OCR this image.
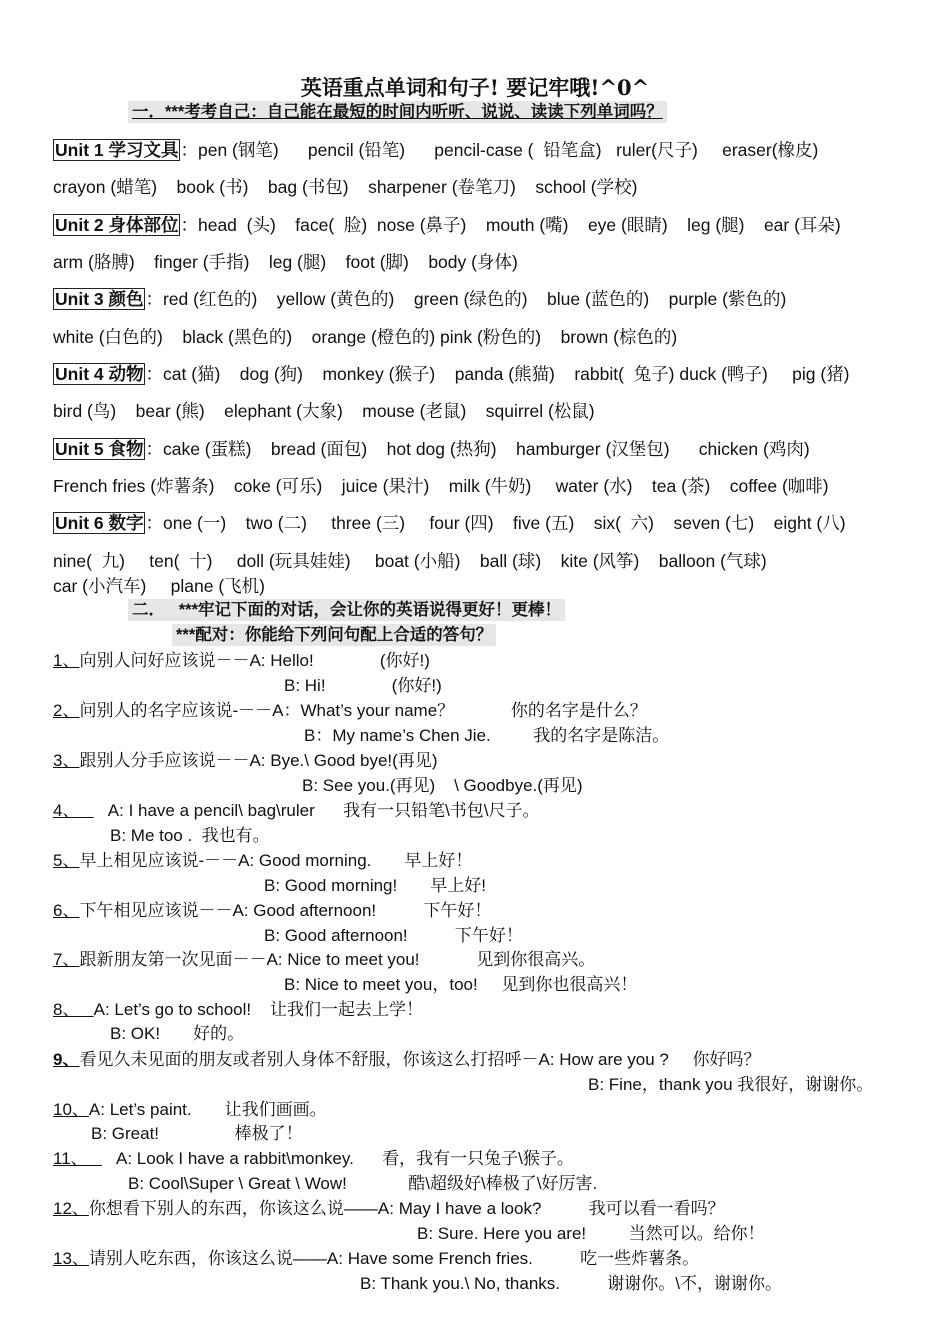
英语重点单词和句子! 要记牢哦!^0^
一．***考考自己：自己能在最短的时间内听听、说说、读读下列单词吗？
Unit 1 学习文具 ：pen (钢笔)      pencil (铅笔)      pencil-case (  铅笔盒)   ruler(尺子)     eraser(橡皮)
crayon (蜡笔)    book (书)    bag (书包)    sharpener (卷笔刀)    school (学校)
Unit 2 身体部位 ：head  (头)    face(  脸)  nose (鼻子)    mouth (嘴)    eye (眼睛)    leg (腿)    ear (耳朵)
arm (胳膊)    finger (手指)    leg (腿)    foot (脚)    body (身体)
Unit 3 颜色 ：red (红色的)    yellow (黄色的)    green (绿色的)    blue (蓝色的)    purple (紫色的)
white (白色的)    black (黑色的)    orange (橙色的) pink (粉色的)    brown (棕色的)
Unit 4 动物 ：cat (猫)    dog (狗)    monkey (猴子)    panda (熊猫)    rabbit(  兔子) duck (鸭子)     pig (猪)
bird (鸟)    bear (熊)    elephant (大象)    mouse (老鼠)    squirrel (松鼠)
Unit 5 食物 ：cake (蛋糕)    bread (面包)    hot dog (热狗)    hamburger (汉堡包)      chicken (鸡肉)
French fries (炸薯条)    coke (可乐)    juice (果汁)    milk (牛奶)     water (水)    tea (茶)    coffee (咖啡)
Unit 6 数字 ：one (一)    two (二)     three (三)     four (四)    five (五)    six(  六)    seven (七)    eight (八)
nine(  九)     ten(  十)     doll (玩具娃娃)     boat (小船)    ball (球)    kite (风筝)    balloon (气球)
car (小汽车)     plane (飞机)
二．   ***牢记下面的对话，会让你的英语说得更好！更棒！
***配对：你能给下列问句配上合适的答句？
1、向别人问好应该说－－A: Hello!              (你好!)
B: Hi!              (你好!)
2、问别人的名字应该说-－－A：What’s your name？            你的名字是什么？
B：My name’s Chen Jie.         我的名字是陈洁。
3、跟别人分手应该说－－A: Bye.\ Good bye!(再见)
B: See you.(再见)    \ Goodbye.(再见)
4、      A: I have a pencil\ bag\ruler      我有一只铅笔\书包\尺子。
B: Me too .  我也有。
5、早上相见应该说-－－A: Good morning.       早上好！
B: Good morning!       早上好!
6、下午相见应该说－－A: Good afternoon!          下午好！
B: Good afternoon!          下午好！
7、跟新朋友第一次见面－－A: Nice to meet you!            见到你很高兴。
B: Nice to meet you，too!     见到你也很高兴！
8、   A: Let’s go to school!    让我们一起去上学！
B: OK!       好的。
9、看见久未见面的朋友或者别人身体不舒服，你该这么打招呼－A: How are you ?     你好吗？
B: Fine，thank you 我很好，谢谢你。
10、A: Let’s paint.       让我们画画。
B: Great!                棒极了！
11、      A: Look I have a rabbit\monkey.      看，我有一只兔子\猴子。
B: Cool\Super \ Great \ Wow!             酷\超级好\棒极了\好厉害.
12、你想看下别人的东西，你该这么说——A: May I have a look?          我可以看一看吗？
B: Sure. Here you are!         当然可以。给你！
13、请别人吃东西，你该这么说——A: Have some French fries.          吃一些炸薯条。
B: Thank you.\ No, thanks.          谢谢你。\不，谢谢你。
